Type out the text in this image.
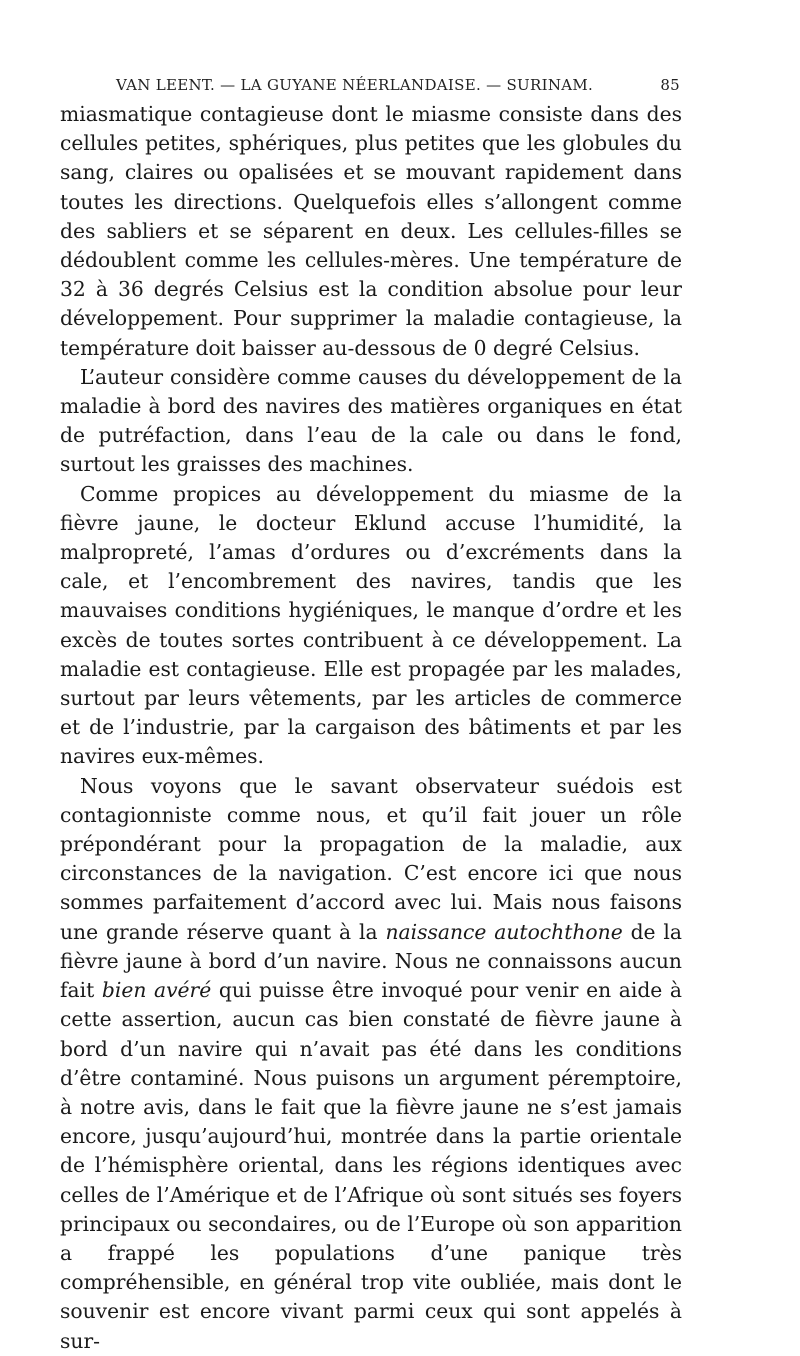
VAN LEENT. — LA GUYANE NÉERLANDAISE. — SURINAM.	85

miasmatique contagieuse dont le miasme consiste dans des cellules petites, sphériques, plus petites que les globules du sang, claires ou opalisées et se mouvant rapidement dans toutes les directions. Quelquefois elles s’allongent comme des sabliers et se séparent en deux. Les cellules-filles se dédoublent comme les cellules-mères. Une température de 32 à 36 degrés Celsius est la condition absolue pour leur développement. Pour supprimer la maladie contagieuse, la température doit baisser au-dessous de 0 degré Celsius.

L’auteur considère comme causes du développement de la maladie à bord des navires des matières organiques en état de putréfaction, dans l’eau de la cale ou dans le fond, surtout les graisses des machines.

Comme propices au développement du miasme de la fièvre jaune, le docteur Eklund accuse l’humidité, la malpropreté, l’amas d’ordures ou d’excréments dans la cale, et l’encombrement des navires, tandis que les mauvaises conditions hygiéniques, le manque d’ordre et les excès de toutes sortes contribuent à ce développement. La maladie est contagieuse. Elle est propagée par les malades, surtout par leurs vêtements, par les articles de commerce et de l’industrie, par la cargaison des bâtiments et par les navires eux-mêmes.

Nous voyons que le savant observateur suédois est contagionniste comme nous, et qu’il fait jouer un rôle prépondérant pour la propagation de la maladie, aux circonstances de la navigation. C’est encore ici que nous sommes parfaitement d’accord avec lui. Mais nous faisons une grande réserve quant à la naissance autochthone de la fièvre jaune à bord d’un navire. Nous ne connaissons aucun fait bien avéré qui puisse être invoqué pour venir en aide à cette assertion, aucun cas bien constaté de fièvre jaune à bord d’un navire qui n’avait pas été dans les conditions d’être contaminé. Nous puisons un argument péremptoire, à notre avis, dans le fait que la fièvre jaune ne s’est jamais encore, jusqu’aujourd’hui, montrée dans la partie orientale de l’hémisphère oriental, dans les régions identiques avec celles de l’Amérique et de l’Afrique où sont situés ses foyers principaux ou secondaires, ou de l’Europe où son apparition a frappé les populations d’une panique très compréhensible, en général trop vite oubliée, mais dont le souvenir est encore vivant parmi ceux qui sont appelés à sur-
